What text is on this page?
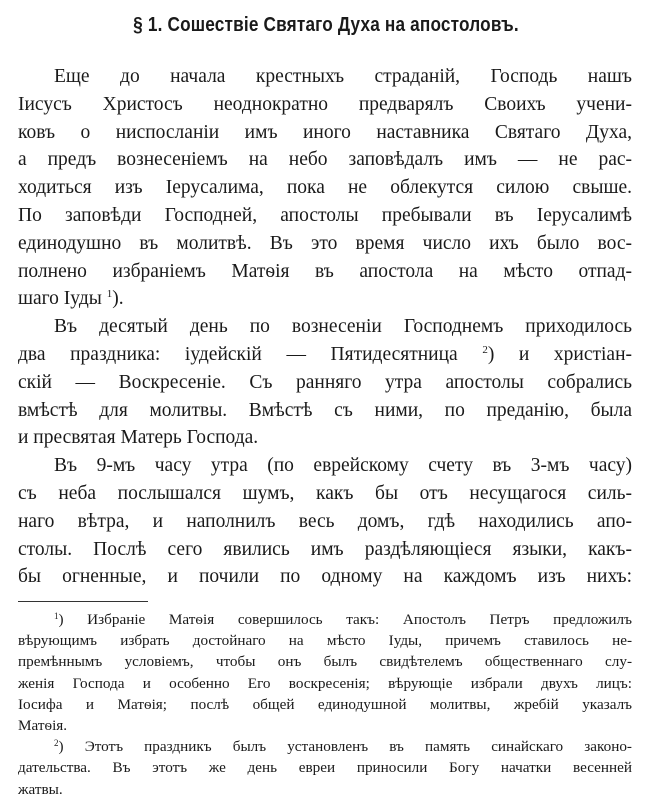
§ 1. Сошествіе Святаго Духа на апостоловъ.
Еще до начала крестныхъ страданій, Господь нашъ
Іисусъ Христосъ неоднократно предварялъ Своихъ учени-
ковъ о ниспосланіи имъ иного наставника Святаго Духа,
а предъ вознесеніемъ на небо заповѣдалъ имъ — не рас-
ходиться изъ Іерусалима, пока не облекутся силою свыше.
По заповѣди Господней, апостолы пребывали въ Іерусалимѣ
единодушно въ молитвѣ. Въ это время число ихъ было вос-
полнено избраніемъ Матѳія въ апостола на мѣсто отпад-
шаго Іуды $^1$).
Въ десятый день по вознесеніи Господнемъ приходилось
два праздника: іудейскій — Пятидесятница $^2$) и христіан-
скій — Воскресеніе. Съ ранняго утра апостолы собрались
вмѣстѣ для молитвы. Вмѣстѣ съ ними, по преданію, была
и пресвятая Матерь Господа.
Въ 9-мъ часу утра (по еврейскому счету въ 3-мъ часу)
съ неба послышался шумъ, какъ бы отъ несущагося силь-
наго вѣтра, и наполнилъ весь домъ, гдѣ находились апо-
столы. Послѣ сего явились имъ раздѣляющіеся языки, какъ-
бы огненные, и почили по одному на каждомъ изъ нихъ:
$^1$) Избраніе Матѳія совершилось такъ: Апостолъ Петръ предложилъ
вѣрующимъ избрать достойнаго на мѣсто Іуды, причемъ ставилось не-
премѣннымъ условіемъ, чтобы онъ былъ свидѣтелемъ общественнаго слу-
женія Господа и особенно Его воскресенія; вѣрующіе избрали двухъ лицъ:
Іосифа и Матѳія; послѣ общей единодушной молитвы, жребій указалъ
Матѳія.
$^2$) Этотъ праздникъ былъ установленъ въ память синайскаго законо-
дательства. Въ этотъ же день евреи приносили Богу начатки весенней
жатвы.
